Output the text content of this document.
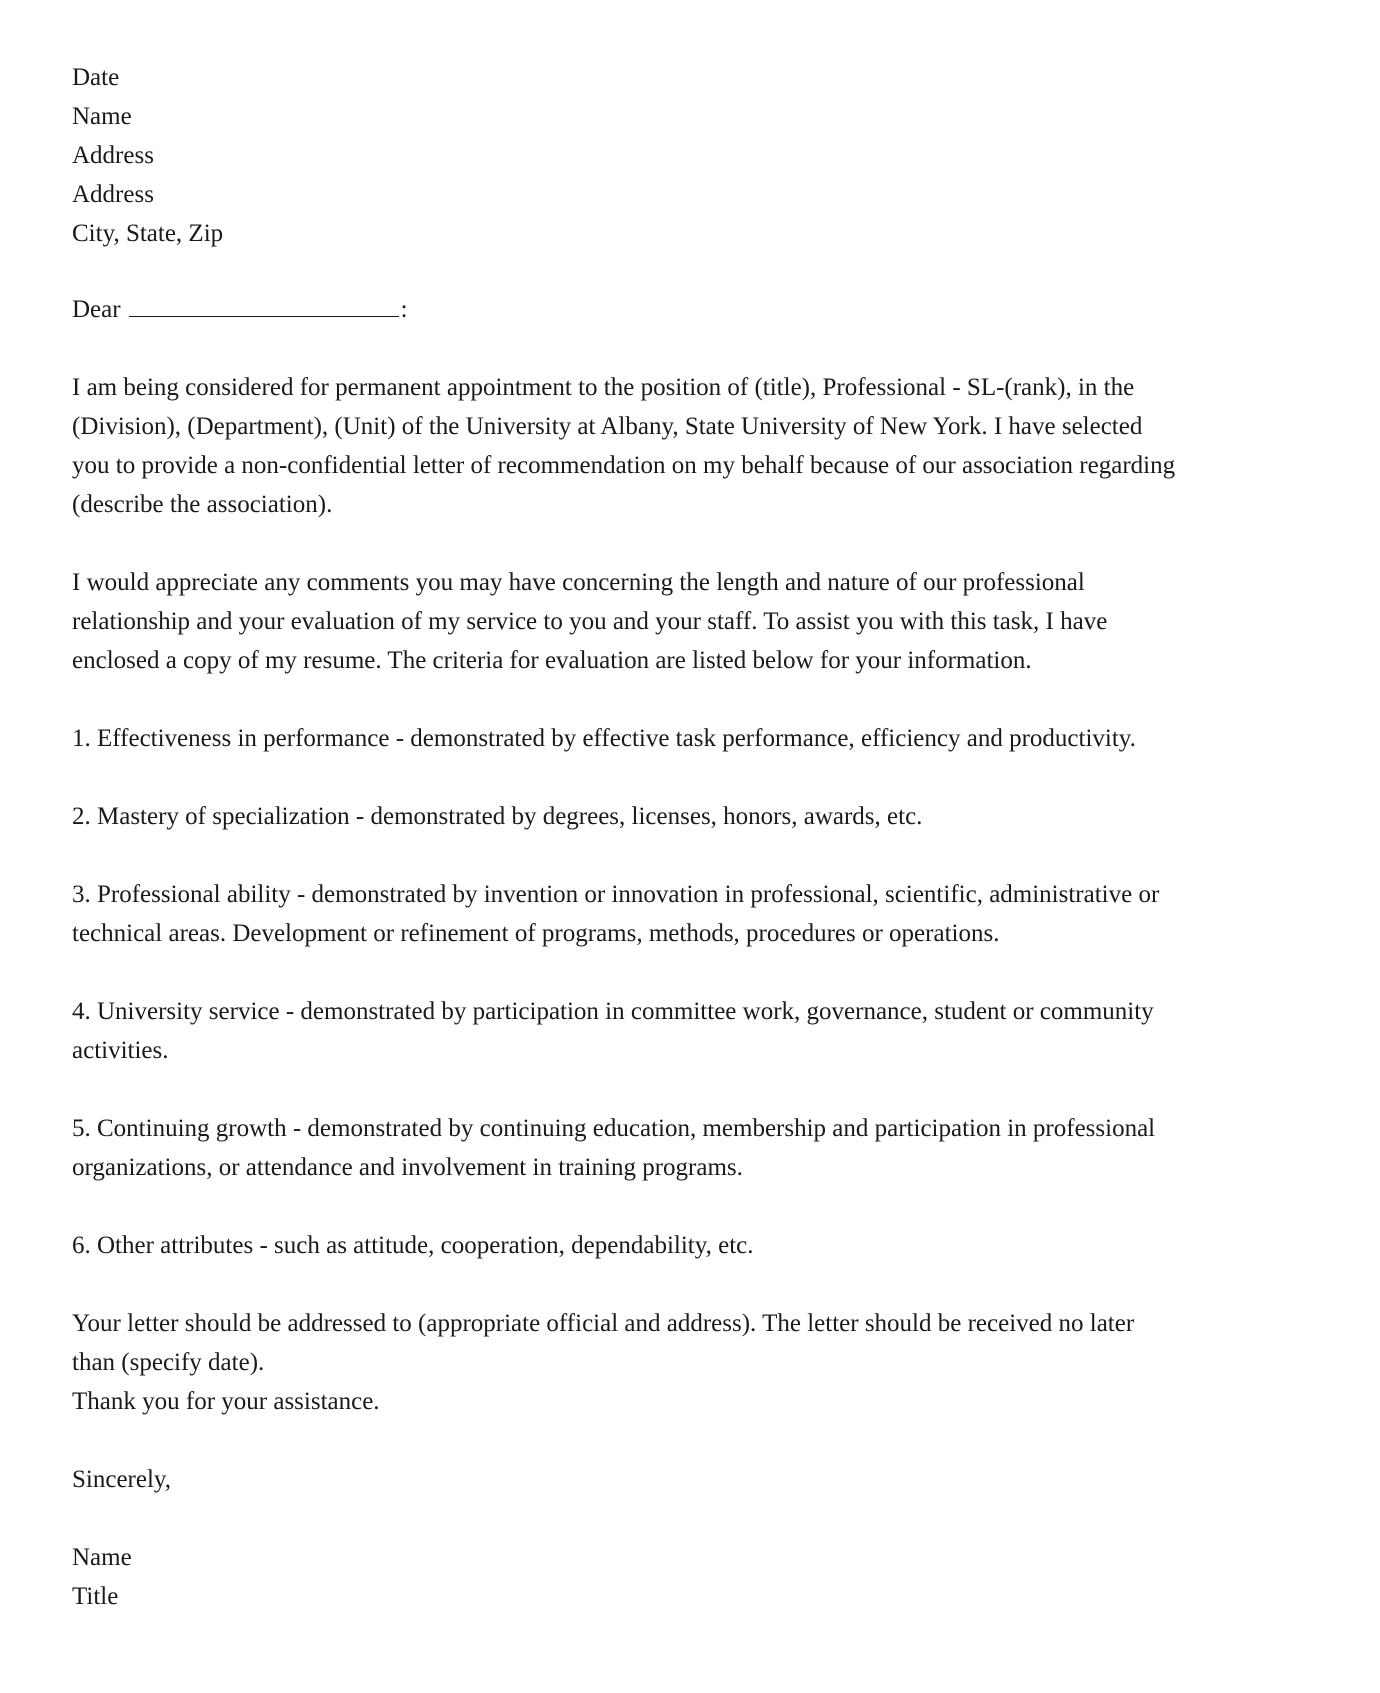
Date

Name

Address

Address

City, State, Zip

Dear	:

I am being considered for permanent appointment to the position of (title), Professional - SL-(rank), in the

(Division), (Department), (Unit) of the University at Albany, State University of New York. I have selected

you to provide a non-confidential letter of recommendation on my behalf because of our association regarding

(describe the association).

I would appreciate any comments you may have concerning the length and nature of our professional

relationship and your evaluation of my service to you and your staff. To assist you with this task, I have

enclosed a copy of my resume. The criteria for evaluation are listed below for your information.

1. Effectiveness in performance - demonstrated by effective task performance, efficiency and productivity.

2. Mastery of specialization - demonstrated by degrees, licenses, honors, awards, etc.

3. Professional ability - demonstrated by invention or innovation in professional, scientific, administrative or

technical areas. Development or refinement of programs, methods, procedures or operations.

4. University service - demonstrated by participation in committee work, governance, student or community

activities.

5. Continuing growth - demonstrated by continuing education, membership and participation in professional

organizations, or attendance and involvement in training programs.

6. Other attributes - such as attitude, cooperation, dependability, etc.

Your letter should be addressed to (appropriate official and address). The letter should be received no later

than (specify date).

Thank you for your assistance.

Sincerely,

Name

Title
